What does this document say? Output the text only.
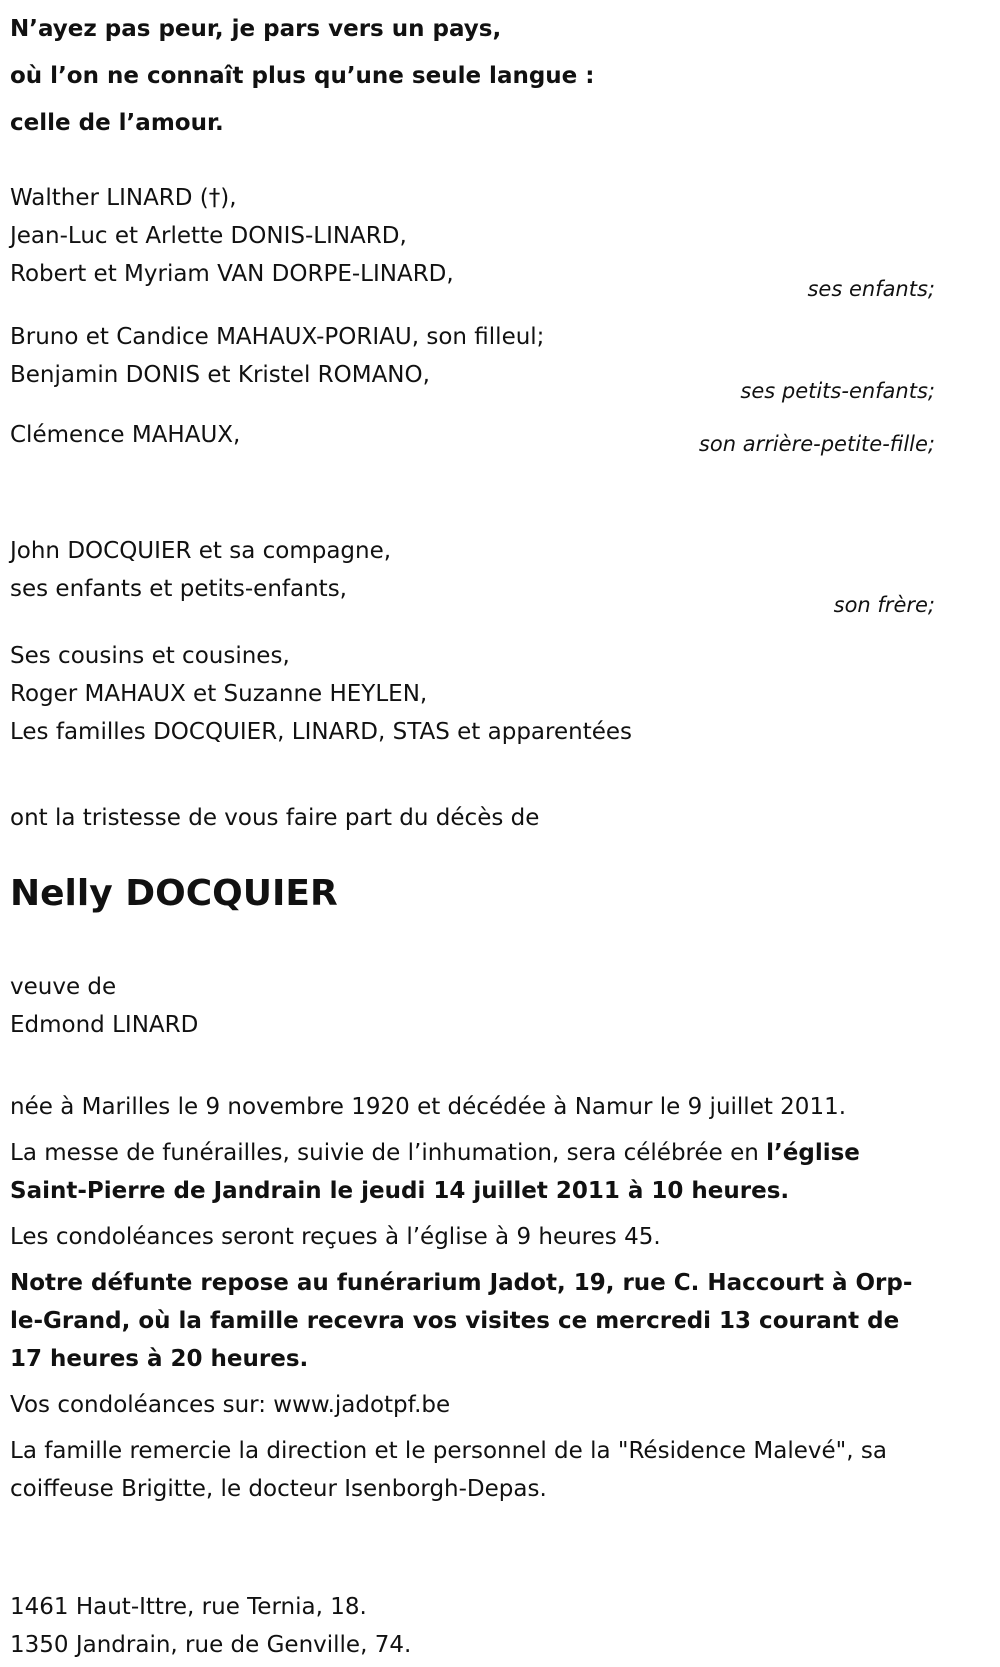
N’ayez pas peur, je pars vers un pays,
où l’on ne connaît plus qu’une seule langue :
celle de l’amour.
Walther LINARD (†),
Jean-Luc et Arlette DONIS-LINARD,
Robert et Myriam VAN DORPE-LINARD,
ses enfants;
Bruno et Candice MAHAUX-PORIAU, son filleul;
Benjamin DONIS et Kristel ROMANO,
ses petits-enfants;
Clémence MAHAUX,	son arrière-petite-fille;
John DOCQUIER et sa compagne,
ses enfants et petits-enfants,
son frère;
Ses cousins et cousines,
Roger MAHAUX et Suzanne HEYLEN,
Les familles DOCQUIER, LINARD, STAS et apparentées
ont la tristesse de vous faire part du décès de
Nelly DOCQUIER
veuve de
Edmond LINARD

née à Marilles le 9 novembre 1920 et décédée à Namur le 9 juillet 2011.

La messe de funérailles, suivie de l’inhumation, sera célébrée en l’église Saint-Pierre de Jandrain le jeudi 14 juillet 2011 à 10 heures.

Les condoléances seront reçues à l’église à 9 heures 45.

Notre défunte repose au funérarium Jadot, 19, rue C. Haccourt à Orp-le-Grand, où la famille recevra vos visites ce mercredi 13 courant de 17 heures à 20 heures.

Vos condoléances sur: www.jadotpf.be

La famille remercie la direction et le personnel de la "Résidence Malevé", sa coiffeuse Brigitte, le docteur Isenborgh-Depas.

1461 Haut-Ittre, rue Ternia, 18.
1350 Jandrain, rue de Genville, 74.
